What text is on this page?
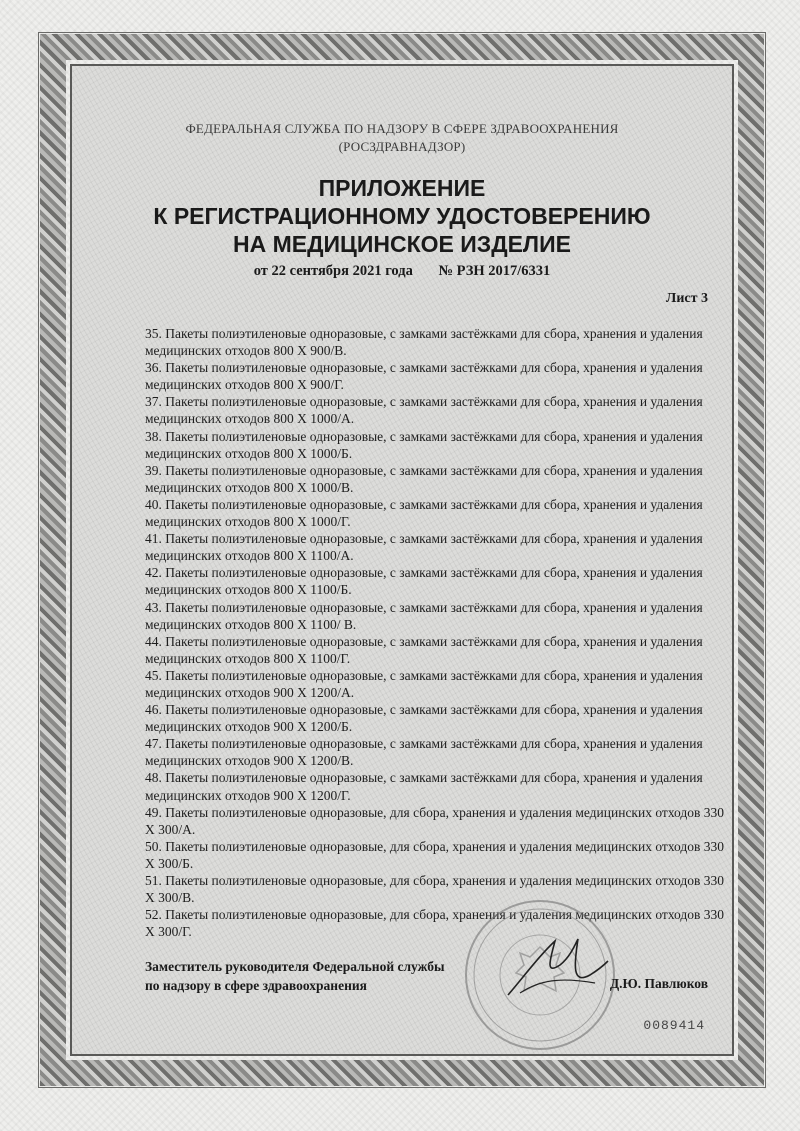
ФЕДЕРАЛЬНАЯ СЛУЖБА ПО НАДЗОРУ В СФЕРЕ ЗДРАВООХРАНЕНИЯ
(РОСЗДРАВНАДЗОР)
ПРИЛОЖЕНИЕ
К РЕГИСТРАЦИОННОМУ УДОСТОВЕРЕНИЮ
НА МЕДИЦИНСКОЕ ИЗДЕЛИЕ
от 22 сентября 2021 года № РЗН 2017/6331
Лист 3
35. Пакеты полиэтиленовые одноразовые, с замками застёжками для сбора, хранения и удаления медицинских отходов 800 Х 900/В.
36. Пакеты полиэтиленовые одноразовые, с замками застёжками для сбора, хранения и удаления медицинских отходов 800 Х 900/Г.
37. Пакеты полиэтиленовые одноразовые, с замками застёжками для сбора, хранения и удаления медицинских отходов 800 Х 1000/А.
38. Пакеты полиэтиленовые одноразовые, с замками застёжками для сбора, хранения и удаления медицинских отходов 800 Х 1000/Б.
39. Пакеты полиэтиленовые одноразовые, с замками застёжками для сбора, хранения и удаления медицинских отходов 800 Х 1000/В.
40. Пакеты полиэтиленовые одноразовые, с замками застёжками для сбора, хранения и удаления медицинских отходов 800 Х 1000/Г.
41. Пакеты полиэтиленовые одноразовые, с замками застёжками для сбора, хранения и удаления медицинских отходов 800 Х 1100/А.
42. Пакеты полиэтиленовые одноразовые, с замками застёжками для сбора, хранения и удаления медицинских отходов 800 Х 1100/Б.
43. Пакеты полиэтиленовые одноразовые, с замками застёжками для сбора, хранения и удаления медицинских отходов 800 Х 1100/ В.
44. Пакеты полиэтиленовые одноразовые, с замками застёжками для сбора, хранения и удаления медицинских отходов 800 Х 1100/Г.
45. Пакеты полиэтиленовые одноразовые, с замками застёжками для сбора, хранения и удаления медицинских отходов 900 Х 1200/А.
46. Пакеты полиэтиленовые одноразовые, с замками застёжками для сбора, хранения и удаления медицинских отходов 900 Х 1200/Б.
47. Пакеты полиэтиленовые одноразовые, с замками застёжками для сбора, хранения и удаления медицинских отходов 900 Х 1200/В.
48. Пакеты полиэтиленовые одноразовые, с замками застёжками для сбора, хранения и удаления медицинских отходов 900 Х 1200/Г.
49. Пакеты полиэтиленовые одноразовые, для сбора, хранения и удаления медицинских отходов 330 Х 300/А.
50. Пакеты полиэтиленовые одноразовые, для сбора, хранения и удаления медицинских отходов 330 Х 300/Б.
51. Пакеты полиэтиленовые одноразовые, для сбора, хранения и удаления медицинских отходов 330 Х 300/В.
52. Пакеты полиэтиленовые одноразовые, для сбора, хранения и удаления медицинских отходов 330 Х 300/Г.
Заместитель руководителя Федеральной службы
по надзору в сфере здравоохранения	Д.Ю. Павлюков
0089414
